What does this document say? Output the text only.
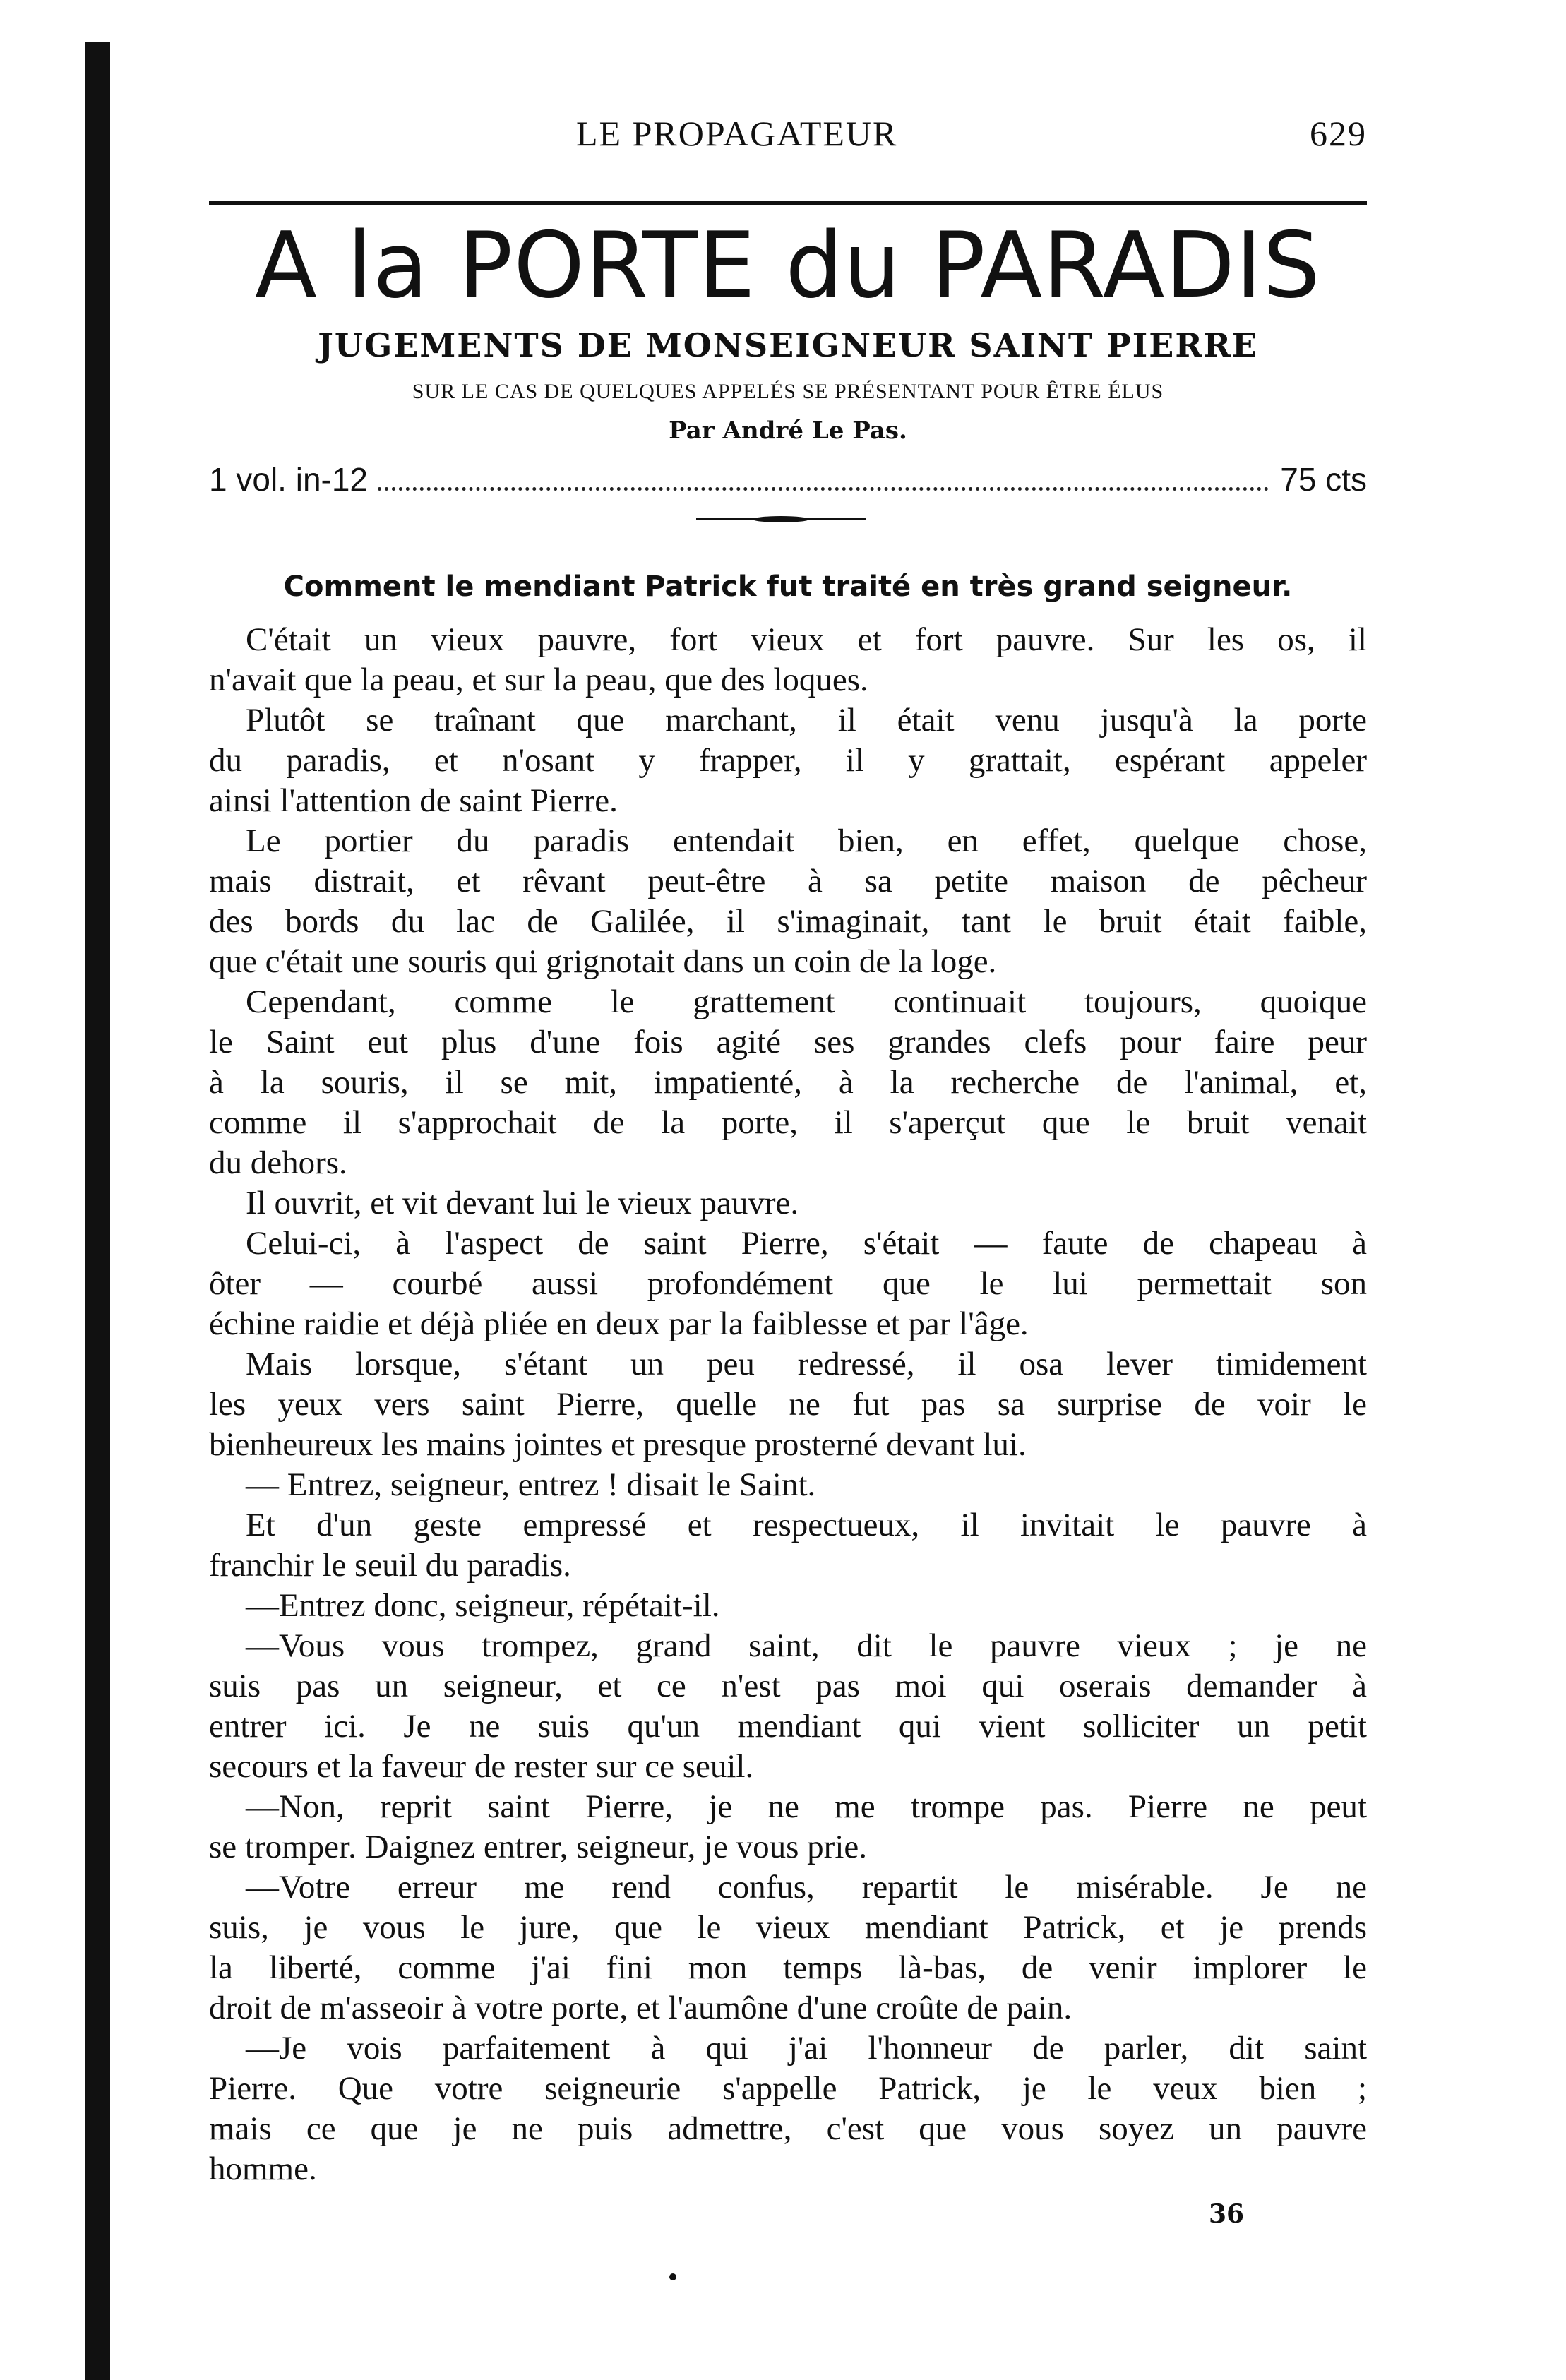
LE PROPAGATEUR	629
A la PORTE du PARADIS
JUGEMENTS DE MONSEIGNEUR SAINT PIERRE
SUR LE CAS DE QUELQUES APPELÉS SE PRÉSENTANT POUR ÊTRE ÉLUS
Par André Le Pas.
1 vol. in-12	75 cts
Comment le mendiant Patrick fut traité en très grand seigneur.

C'était un vieux pauvre, fort vieux et fort pauvre. Sur les os, il

n'avait que la peau, et sur la peau, que des loques.

Plutôt se traînant que marchant, il était venu jusqu'à la porte

du paradis, et n'osant y frapper, il y grattait, espérant appeler

ainsi l'attention de saint Pierre.

Le portier du paradis entendait bien, en effet, quelque chose,

mais distrait, et rêvant peut-être à sa petite maison de pêcheur

des bords du lac de Galilée, il s'imaginait, tant le bruit était faible,

que c'était une souris qui grignotait dans un coin de la loge.

Cependant, comme le grattement continuait toujours, quoique

le Saint eut plus d'une fois agité ses grandes clefs pour faire peur

à la souris, il se mit, impatienté, à la recherche de l'animal, et,

comme il s'approchait de la porte, il s'aperçut que le bruit venait

du dehors.

Il ouvrit, et vit devant lui le vieux pauvre.

Celui-ci, à l'aspect de saint Pierre, s'était — faute de chapeau à

ôter — courbé aussi profondément que le lui permettait son

échine raidie et déjà pliée en deux par la faiblesse et par l'âge.

Mais lorsque, s'étant un peu redressé, il osa lever timidement

les yeux vers saint Pierre, quelle ne fut pas sa surprise de voir le

bienheureux les mains jointes et presque prosterné devant lui.

— Entrez, seigneur, entrez ! disait le Saint.

Et d'un geste empressé et respectueux, il invitait le pauvre à

franchir le seuil du paradis.

—Entrez donc, seigneur, répétait-il.

—Vous vous trompez, grand saint, dit le pauvre vieux ; je ne

suis pas un seigneur, et ce n'est pas moi qui oserais demander à

entrer ici. Je ne suis qu'un mendiant qui vient solliciter un petit

secours et la faveur de rester sur ce seuil.

—Non, reprit saint Pierre, je ne me trompe pas. Pierre ne peut

se tromper. Daignez entrer, seigneur, je vous prie.

—Votre erreur me rend confus, repartit le misérable. Je ne

suis, je vous le jure, que le vieux mendiant Patrick, et je prends

la liberté, comme j'ai fini mon temps là-bas, de venir implorer le

droit de m'asseoir à votre porte, et l'aumône d'une croûte de pain.

—Je vois parfaitement à qui j'ai l'honneur de parler, dit saint

Pierre. Que votre seigneurie s'appelle Patrick, je le veux bien ;

mais ce que je ne puis admettre, c'est que vous soyez un pauvre

homme.

36
